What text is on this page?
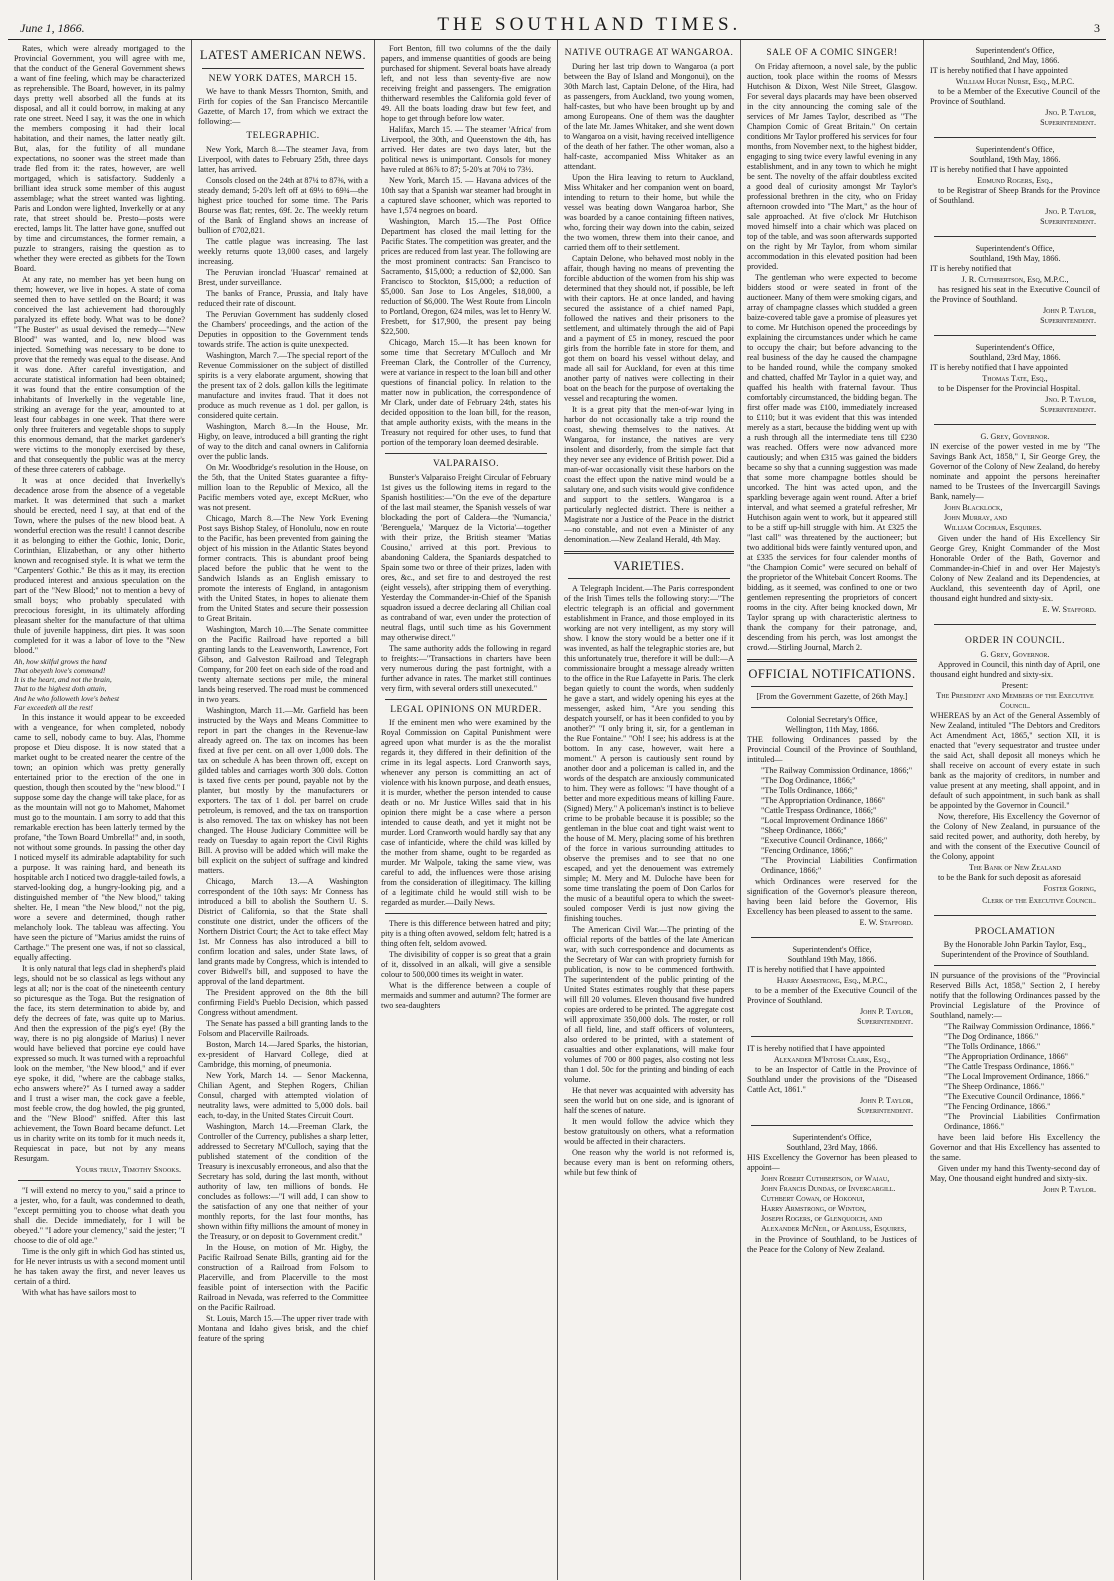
June 1, 1866.	THE SOUTHLAND TIMES.	3

Rates, which were already mortgaged to the Provincial Government, you will agree with me, that the conduct of the General Government shews a want of fine feeling, which may be characterized as reprehensible. The Board, however, in its palmy days pretty well absorbed all the funds at its disposal, and all it could borrow, in making at any rate one street. Need I say, it was the one in which the members composing it had their local habitation, and their names, the latter neatly gilt. But, alas, for the futility of all mundane expectations, no sooner was the street made than trade fled from it: the rates, however, are well mortgaged, which is satisfactory. Suddenly a brilliant idea struck some member of this august assemblage; what the street wanted was lighting. Paris and London were lighted, Inverkelly or at any rate, that street should be. Presto—posts were erected, lamps lit. The latter have gone, snuffed out by time and circumstances, the former remain, a puzzle to strangers, raising the question as to whether they were erected as gibbets for the Town Board.

At any rate, no member has yet been hung on them; however, we live in hopes. A state of coma seemed then to have settled on the Board; it was conceived the last achievement had thoroughly paralyzed its effete body. What was to be done? "The Buster" as usual devised the remedy—"New Blood" was wanted, and lo, new blood was injected. Something was necessary to be done to prove that the remedy was equal to the disease. And it was done. After careful investigation, and accurate statistical information had been obtained; it was found that the entire consumption of the inhabitants of Inverkelly in the vegetable line, striking an average for the year, amounted to at least four cabbages in one week. That there were only three fruiterers and vegetable shops to supply this enormous demand, that the market gardener's were victims to the monoply exercised by these, and that consequently the public was at the mercy of these three caterers of cabbage.

It was at once decided that Inverkelly's decadence arose from the absence of a vegetable market. It was determined that such a market should be erected, need I say, at that end of the Town, where the pulses of the new blood beat. A wonderful erection was the result! I cannot describe it as belonging to either the Gothic, Ionic, Doric, Corinthian, Elizabethan, or any other hitherto known and recognised style. It is what we term the "Carpenters' Gothic." Be this as it may, its erection produced interest and anxious speculation on the part of the "New Blood;" not to mention a bevy of small boys; who probably speculated with precocious foresight, in its ultimately affording pleasant shelter for the manufacture of that ultima thule of juvenile happiness, dirt pies. It was soon completed for it was a labor of love to the "New blood."

Ah, how skilful grows the hand
That obeyeth love's command!
It is the heart, and not the brain,
That to the highest doth attain,
And he who followeth love's behest
Far exceedeth all the rest!

In this instance it would appear to be exceeded with a vengeance, for when completed, nobody came to sell, nobody came to buy. Alas, l'homme propose et Dieu dispose. It is now stated that a market ought to be created nearer the centre of the town; an opinion which was pretty generally entertained prior to the erection of the one in question, though then scouted by the "new blood." I suppose some day the change will take place, for as as the mountain will not go to Mahomet, Mahomet must go to the mountain. I am sorry to add that this remarkable erection has been latterly termed by the profane, "the Town Board Umbrella!" and, in sooth, not without some grounds. In passing the other day I noticed myself its admirable adaptability for such a purpose. It was raining hard, and beneath its hospitable arch I noticed two draggle-tailed fowls, a starved-looking dog, a hungry-looking pig, and a distinguished member of "the New blood," taking shelter. He, I mean "the New blood," not the pig, wore a severe and determined, though rather melancholy look. The tableau was affecting. You have seen the picture of "Marius amidst the ruins of Carthage." The present one was, if not so classical, equally affecting.

It is only natural that legs clad in shepherd's plaid legs, should not be so classical as legs without any legs at all; nor is the coat of the nineteenth century so picturesque as the Toga. But the resignation of the face, its stern determination to abide by, and defy the decrees of fate, was quite up to Marius. And then the expression of the pig's eye! (By the way, there is no pig alongside of Marius) I never would have believed that porcine eye could have expressed so much. It was turned with a reproachful look on the member, "the New blood," and if ever eye spoke, it did, "where are the cabbage stalks, echo answers where?" As I turned away a sadder and I trust a wiser man, the cock gave a feeble, most feeble crow, the dog howled, the pig grunted, and the "New Blood" sniffed. After this last achievement, the Town Board became defunct. Let us in charity write on its tomb for it much needs it, Requiescat in pace, but not by any means Resurgam.

Yours truly, Timothy Snooks.

"I will extend no mercy to you," said a prince to a jester, who, for a fault, was condemned to death, "except permitting you to choose what death you shall die. Decide immediately, for I will be obeyed." "I adore your clemency," said the jester; "I choose to die of old age."

Time is the only gift in which God has stinted us, for He never intrusts us with a second moment until he has taken away the first, and never leaves us certain of a third.

With what has have sailors most to

LATEST AMERICAN NEWS.
NEW YORK DATES, MARCH 15.

We have to thank Messrs Thornton, Smith, and Firth for copies of the San Francisco Mercantile Gazette, of March 17, from which we extract the following:—

TELEGRAPHIC.

New York, March 8.—The steamer Java, from Liverpool, with dates to February 25th, three days latter, has arrived.

Consols closed on the 24th at 87¼ to 87⅜, with a steady demand; 5-20's left off at 69½ to 69¾—the highest price touched for some time. The Paris Bourse was flat; rentes, 69f. 2c. The weekly return of the Bank of England shows an increase of bullion of £702,821.

The cattle plague was increasing. The last weekly returns quote 13,000 cases, and largely increasing.

The Peruvian ironclad 'Huascar' remained at Brest, under surveillance.

The banks of France, Prussia, and Italy have reduced their rate of discount.

The Peruvian Government has suddenly closed the Chambers' proceedings, and the action of the Deputies in opposition to the Government tends towards strife. The action is quite unexpected.

Washington, March 7.—The special report of the Revenue Commissioner on the subject of distilled spirits is a very elaborate argument, showing that the present tax of 2 dols. gallon kills the legitimate manufacture and invites fraud. That it does not produce as much revenue as 1 dol. per gallon, is considered quite certain.

Washington, March 8.—In the House, Mr. Higby, on leave, introduced a bill granting the right of way to the ditch and canal owners in California over the public lands.

On Mr. Woodbridge's resolution in the House, on the 5th, that the United States guarantee a fifty-million loan to the Republic of Mexico, all the Pacific members voted aye, except McRuer, who was not present.

Chicago, March 8.—The New York Evening Post says Bishop Staley, of Honolulu, now en route to the Pacific, has been prevented from gaining the object of his mission in the Atlantic States beyond former contracts. This is abundant proof being placed before the public that he went to the Sandwich Islands as an English emissary to promote the interests of England, in antagonism with the United States, in hopes to alienate them from the United States and secure their possession to Great Britain.

Washington, March 10.—The Senate committee on the Pacific Railroad have reported a bill granting lands to the Leavenworth, Lawrence, Fort Gibson, and Galveston Railroad and Telegraph Company, for 200 feet on each side of the road and twenty alternate sections per mile, the mineral lands being reserved. The road must be commenced in two years.

Washington, March 11.—Mr. Garfield has been instructed by the Ways and Means Committee to report in part the changes in the Revenue-law already agreed on. The tax on incomes has been fixed at five per cent. on all over 1,000 dols. The tax on schedule A has been thrown off, except on gilded tables and carriages worth 300 dols. Cotton is taxed five cents per pound, payable not by the planter, but mostly by the manufacturers or exporters. The tax of 1 dol. per barrel on crude petroleum, is removed, and the tax on transportion is also removed. The tax on whiskey has not been changed. The House Judiciary Committee will be ready on Tuesday to again report the Civil Rights Bill. A proviso will be added which will make the bill explicit on the subject of suffrage and kindred matters.

Chicago, March 13.—A Washington correspondent of the 10th says: Mr Conness has introduced a bill to abolish the Southern U. S. District of California, so that the State shall constitute one district, under the officers of the Northern District Court; the Act to take effect May 1st. Mr Conness has also introduced a bill to confirm location and sales, under State laws, of land grants made by Congress, which is intended to cover Bidwell's bill, and supposed to have the approval of the land department.

The President approved on the 8th the bill confirming Field's Pueblo Decision, which passed Congress without amendment.

The Senate has passed a bill granting lands to the Folsom and Placerville Railroads.

Boston, March 14.—Jared Sparks, the historian, ex-president of Harvard College, died at Cambridge, this morning, of pneumonia.

New York, March 14. — Senor Mackenna, Chilian Agent, and Stephen Rogers, Chilian Consul, charged with attempted violation of neutrality laws, were admitted to 5,000 dols. bail each, to-day, in the United States Circuit Court.

Washington, March 14.—Freeman Clark, the Controller of the Currency, publishes a sharp letter, addressed to Secretary M'Culloch, saying that the published statement of the condition of the Treasury is inexcusably erroneous, and also that the Secretary has sold, during the last month, without authority of law, ten millions of bonds. He concludes as follows:—"I will add, I can show to the satisfaction of any one that neither of your monthly reports, for the last four months, has shown within fifty millions the amount of money in the Treasury, or on deposit to Government credit."

In the House, on motion of Mr. Higby, the Pacific Railroad Senate Bills, granting aid for the construction of a Railroad from Folsom to Placerville, and from Placerville to the most feasible point of intersection with the Pacific Railroad in Nevada, was referred to the Committee on the Pacific Railroad.

St. Louis, March 15.—The upper river trade with Montana and Idaho gives brisk, and the chief feature of the spring

Fort Benton, fill two columns of the the daily papers, and immense quantities of goods are being purchased for shipment. Several boats have already left, and not less than seventy-five are now receiving freight and passengers. The emigration thitherward resembles the California gold fever of 49. All the boats loading draw but few feet, and hope to get through before low water.

Halifax, March 15. — The steamer 'Africa' from Liverpool, the 30th, and Queenstown the 4th, has arrived. Her dates are two days later, but the political news is unimportant. Consols for money have ruled at 86⅞ to 87; 5-20's at 70¼ to 73½.

New York, March 15. — Havana advices of the 10th say that a Spanish war steamer had brought in a captured slave schooner, which was reported to have 1,574 negroes on board.

Washington, March 15.—The Post Office Department has closed the mail letting for the Pacific States. The competition was greater, and the prices are reduced from last year. The following are the most prominent contracts: San Francisco to Sacramento, $15,000; a reduction of $2,000. San Francisco to Stockton, $15,000; a reduction of $5,000. San Jose to Los Angeles, $18,000, a reduction of $6,000. The West Route from Lincoln to Portland, Oregon, 624 miles, was let to Henry W. Fresbett, for $17,900, the present pay being $22,500.

Chicago, March 15.—It has been known for some time that Secretary M'Culloch and Mr Freeman Clark, the Controller of the Currency, were at variance in respect to the loan bill and other questions of financial policy. In relation to the matter now in publication, the correspondence of Mr Clark, under date of February 24th, states his decided opposition to the loan bill, for the reason, that ample authority exists, with the means in the Treasury not required for other uses, to fund that portion of the temporary loan deemed desirable.

VALPARAISO.

Bunster's Valparaiso Freight Circular of February 1st gives us the following items in regard to the Spanish hostilities:—"On the eve of the departure of the last mail steamer, the Spanish vessels of war blockading the port of Caldera—the 'Numancia,' 'Berenguela,' 'Marquez de la Victoria'—together with their prize, the British steamer 'Matias Cousino,' arrived at this port. Previous to abandoning Caldera, the Spaniards despatched to Spain some two or three of their prizes, laden with ores, &c., and set fire to and destroyed the rest (eight vessels), after stripping them of everything. Yesterday the Commander-in-Chief of the Spanish squadron issued a decree declaring all Chilian coal as contraband of war, even under the protection of neutral flags, until such time as his Government may otherwise direct."

The same authority adds the following in regard to freights:—"Transactions in charters have been very numerous during the past fortnight, with a further advance in rates. The market still continues very firm, with several orders still unexecuted."

LEGAL OPINIONS ON MURDER.

If the eminent men who were examined by the Royal Commission on Capital Punishment were agreed upon what murder is as the the moralist regards it, they differed in their definition of the crime in its legal aspects. Lord Cranworth says, whenever any person is committing an act of violence with his known purpose, and death ensues, it is murder, whether the person intended to cause death or no. Mr Justice Willes said that in his opinion there might be a case where a person intended to cause death, and yet it might not be murder. Lord Cranworth would hardly say that any case of infanticide, where the child was killed by the mother from shame, ought to be regarded as murder. Mr Walpole, taking the same view, was careful to add, the influences were those arising from the consideration of illegitimacy. The killing of a legitimate child he would still wish to be regarded as murder.—Daily News.

There is this difference between hatred and pity; pity is a thing often avowed, seldom felt; hatred is a thing often felt, seldom avowed.

The divisibility of copper is so great that a grain of it, dissolved in an alkali, will give a sensible colour to 500,000 times its weight in water.

What is the difference between a couple of mermaids and summer and autumn? The former are two sea-daughters

NATIVE OUTRAGE AT WANGAROA.

During her last trip down to Wangaroa (a port between the Bay of Island and Mongonui), on the 30th March last, Captain Delone, of the Hira, had as passengers, from Auckland, two young women, half-castes, but who have been brought up by and among Europeans. One of them was the daughter of the late Mr. James Whitaker, and she went down to Wangaroa on a visit, having received intelligence of the death of her father. The other woman, also a half-caste, accompanied Miss Whitaker as an attendant.

Upon the Hira leaving to return to Auckland, Miss Whitaker and her companion went on board, intending to return to their home, but while the vessel was beating down Wangaroa harbor, She was boarded by a canoe containing fifteen natives, who, forcing their way down into the cabin, seized the two women, threw them into their canoe, and carried them off to their settlement.

Captain Delone, who behaved most nobly in the affair, though having no means of preventing the forcible abduction of the women from his ship was determined that they should not, if possible, be left with their captors. He at once landed, and having secured the assistance of a chief named Papi, followed the natives and their prisoners to the settlement, and ultimately through the aid of Papi and a payment of £5 in money, rescued the poor girls from the horrible fate in store for them, and got them on board his vessel without delay, and made all sail for Auckland, for even at this time another party of natives were collecting in their boat on the beach for the purpose of overtaking the vessel and recapturing the women.

It is a great pity that the men-of-war lying in harbor do not occasionally take a trip round the coast, shewing themselves to the natives. At Wangaroa, for instance, the natives are very insolent and disorderly, from the simple fact that they never see any evidence of British power. Did a man-of-war occasionally visit these harbors on the coast the effect upon the native mind would be a salutary one, and such visits would give confidence and support to the settlers. Wangaroa is a particularly neglected district. There is neither a Magistrate nor a Justice of the Peace in the district—no constable, and not even a Minister of any denomination.—New Zealand Herald, 4th May.

VARIETIES.

A Telegraph Incident.—The Paris correspondent of the Irish Times tells the following story:—"The electric telegraph is an official and government establishment in France, and those employed in its working are not very intelligent, as my story will show. I know the story would be a better one if it was invented, as half the telegraphic stories are, but this unfortunately true, therefore it will be dull:—A commissionaire brought a message already written to the office in the Rue Lafayette in Paris. The clerk began quietly to count the words, when suddenly he gave a start, and widely opening his eyes at the messenger, asked him, "Are you sending this despatch yourself, or has it been confided to you by another?" "I only bring it, sir, for a gentleman in the Rue Fontaine." "Oh! I see; his address is at the bottom. In any case, however, wait here a moment." A person is cautiously sent round by another door and a policeman is called in, and the words of the despatch are anxiously communicated to him. They were as follows: "I have thought of a better and more expeditious means of killing Faure. (Signed) Mery." A policeman's instinct is to believe crime to be probable because it is possible; so the gentleman in the blue coat and tight waist went to the house of M. Mery, placing some of his brethren of the force in various surrounding attitudes to observe the premises and to see that no one escaped, and yet the denouement was extremely simple; M. Mery and M. Duloche have been for some time translating the poem of Don Carlos for the music of a beautiful opera to which the sweet-souled composer Verdi is just now giving the finishing touches.

The American Civil War.—The printing of the official reports of the battles of the late American war, with such correspondence and documents as the Secretary of War can with propriety furnish for publication, is now to be commenced forthwith. The superintendent of the public printing of the United States estimates roughly that these papers will fill 20 volumes. Eleven thousand five hundred copies are ordered to be printed. The aggregate cost will approximate 350,000 dols. The roster, or roll of all field, line, and staff officers of volunteers, also ordered to be printed, with a statement of casualties and other explanations, will make four volumes of 700 or 800 pages, also costing not less than 1 dol. 50c for the printing and binding of each volume.

He that never was acquainted with adversity has seen the world but on one side, and is ignorant of half the scenes of nature.

It men would follow the advice which they bestow gratuitously on others, what a reformation would be affected in their characters.

One reason why the world is not reformed is, because every man is bent on reforming others, while but few think of

SALE OF A COMIC SINGER!

On Friday afternoon, a novel sale, by the public auction, took place within the rooms of Messrs Hutchison & Dixon, West Nile Street, Glasgow. For several days placards may have been observed in the city announcing the coming sale of the services of Mr James Taylor, described as "The Champion Comic of Great Britain." On certain conditions Mr Taylor proffered his services for four months, from November next, to the highest bidder, engaging to sing twice every lawful evening in any establishment, and in any town to which he might be sent. The novelty of the affair doubtless excited a good deal of curiosity amongst Mr Taylor's professional brethren in the city, who on Friday afternoon crowded into "The Mart," as the hour of sale approached. At five o'clock Mr Hutchison moved himself into a chair which was placed on top of the table, and was soon afterwards supported on the right by Mr Taylor, from whom similar accommodation in this elevated position had been provided.

The gentleman who were expected to become bidders stood or were seated in front of the auctioneer. Many of them were smoking cigars, and array of champagne classes which studded a green baize-covered table gave a promise of pleasures yet to come. Mr Hutchison opened the proceedings by explaining the circumstances under which he came to occupy the chair; but before advancing to the real business of the day he caused the champagne to be handed round, while the company smoked and chatted, chaffed Mr Taylor in a quiet way, and quaffed his health with fraternal favour. Thus comfortably circumstanced, the bidding began. The first offer made was £100, immediately increased to £110; but it was evident that this was intended merely as a start, because the bidding went up with a rush through all the intermediate tens till £230 was reached. Offers were now advanced more cautiously; and when £315 was gained the bidders became so shy that a cunning suggestion was made that some more champagne bottles should be uncorked. The hint was acted upon, and the sparkling beverage again went round. After a brief interval, and what seemed a grateful refresher, Mr Hutchison again went to work, but it appeared still to be a stiff up-hill struggle with him. At £325 the "last call" was threatened by the auctioneer; but two additional bids were faintly ventured upon, and at £335 the services for four calender months of "the Champion Comic" were secured on behalf of the proprietor of the Whitebait Concert Rooms. The bidding, as it seemed, was confined to one or two gentlemen representing the proprietors of concert rooms in the city. After being knocked down, Mr Taylor sprang up with characteristic alertness to thank the company for their patronage, and, descending from his perch, was lost amongst the crowd.—Stirling Journal, March 2.

OFFICIAL NOTIFICATIONS.

[From the Government Gazette, of 26th May.]

Colonial Secretary's Office,
Wellington, 11th May, 1866.

THE following Ordinances passed by the Provincial Council of the Province of Southland, intituled—

"The Railway Commission Ordinance, 1866;"
"The Dog Ordinance, 1866;"
"The Tolls Ordinance, 1866;"
"The Appropriation Ordinance, 1866"
"Cattle Trespass Ordinance, 1866;"
"Local Improvement Ordinance 1866"
"Sheep Ordinance, 1866;"
"Executive Council Ordinance, 1866;"
"Fencing Ordinance, 1866;"
"The Provincial Liabilities Confirmation Ordinance, 1866;"

which Ordinances were reserved for the signification of the Governor's pleasure thereon, having been laid before the Governor, His Excellency has been pleased to assent to the same.

E. W. Stafford.
Superintendent's Office,
Southland 19th May, 1866.

IT is hereby notified that I have appointed

Harry Armstrong, Esq., M.P.C.,

to be a member of the Executive Council of the Province of Southland.

John P. Taylor,
Superintendent.

IT is hereby notified that I have appointed

Alexander M'Intosh Clark, Esq.,

to be an Inspector of Cattle in the Province of Southland under the provisions of the "Diseased Cattle Act, 1861."

John P. Taylor,
Superintendent.
Superintendent's Office,
Southland, 23rd May, 1866.

HIS Excellency the Governor has been pleased to appoint—

John Robert Cuthbertson, of Waiau,
John Francis Dundas, of Invercargill.
Cuthbert Cowan, of Hokonui,
Harry Armstrong, of Winton,
Joseph Rogers, of Glenquoich, and
Alexander McNeil, of Ardluss, Esquires,

in the Province of Southland, to be Justices of the Peace for the Colony of New Zealand.

Superintendent's Office,
Southland, 2nd May, 1866.

IT is hereby notified that I have appointed

William Hugh Nurse, Esq., M.P.C.

to be a Member of the Executive Council of the Province of Southland.

Jno. P. Taylor,
Superintendent.
Superintendent's Office,
Southland, 19th May, 1866.

IT is hereby notified that I have appointed

Edmund Rogers, Esq.,

to be Registrar of Sheep Brands for the Province of Southland.

Jno. P. Taylor,
Superintendent.
Superintendent's Office,
Southland, 19th May, 1866.

IT is hereby notified that

J. R. Cuthbertson, Esq, M.P.C.,

has resigned his seat in the Executive Council of the Province of Southland.

John P. Taylor,
Superintendent.
Superintendent's Office,
Southland, 23rd May, 1866.

IT is hereby notified that I have appointed

Thomas Tate, Esq.,

to be Dispenser for the Provincial Hospital.

Jno. P. Taylor,
Superintendent.
G. Grey, Governor.

IN exercise of the power vested in me by "The Savings Bank Act, 1858," I, Sir George Grey, the Governor of the Colony of New Zealand, do hereby nominate and appoint the persons hereinafter named to be Trustees of the Invercargill Savings Bank, namely—

John Blacklock,
John Murray, and
William Cochran, Esquires.

Given under the hand of His Excellency Sir George Grey, Knight Commander of the Most Honorable Order of the Bath, Governor and Commander-in-Chief in and over Her Majesty's Colony of New Zealand and its Dependencies, at Auckland, this seventeenth day of April, one thousand eight hundred and sixty-six.

E. W. Stafford.
ORDER IN COUNCIL.
G. Grey, Governor.

Approved in Council, this ninth day of April, one thousand eight hundred and sixty-six.

Present:
The President and Members of the Executive Council.

WHEREAS by an Act of the General Assembly of New Zealand, intituled "The Debtors and Creditors Act Amendment Act, 1865," section XII, it is enacted that "every sequestrator and trustee under the said Act, shall deposit all moneys which he shall receive on account of every estate in such bank as the majority of creditors, in number and value present at any meeting, shall appoint, and in default of such appointment, in such bank as shall be appointed by the Governor in Council."

Now, therefore, His Excellency the Governor of the Colony of New Zealand, in pursuance of the said recited power, and authority, doth hereby, by and with the consent of the Executive Council of the Colony, appoint

The Bank of New Zealand

to be the Bank for such deposit as aforesaid

Foster Goring,
Clerk of the Executive Council.
PROCLAMATION

By the Honorable John Parkin Taylor, Esq., Superintendent of the Province of Southland.

IN pursuance of the provisions of the "Provincial Reserved Bills Act, 1858," Section 2, I hereby notify that the following Ordinances passed by the Provincial Legislature of the Province of Southland, namely:—

"The Railway Commission Ordinance, 1866."
"The Dog Ordinance, 1866."
"The Tolls Ordinance, 1866."
"The Appropriation Ordinance, 1866"
"The Cattle Trespass Ordinance, 1866."
"The Local Improvement Ordinance, 1866."
"The Sheep Ordinance, 1866."
"The Executive Council Ordinance, 1866."
"The Fencing Ordinance, 1866."
"The Provincial Liabilities Confirmation Ordinance, 1866."

have been laid before His Excellency the Governor and that His Excellency has assented to the same.

Given under my hand this Twenty-second day of May, One thousand eight hundred and sixty-six.

John P. Taylor.
